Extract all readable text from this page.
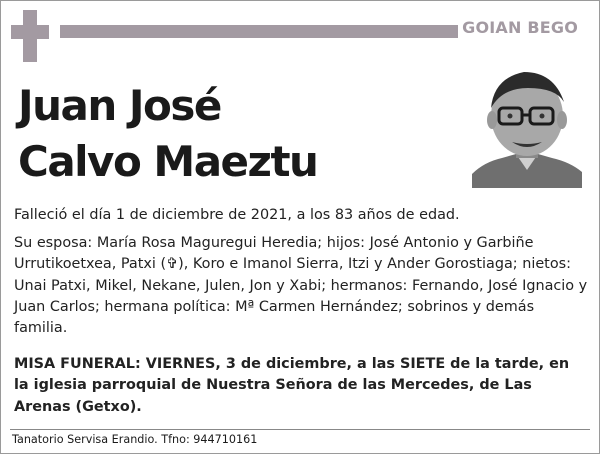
GOIAN BEGO
Juan José
Calvo Maeztu
Falleció el día 1 de diciembre de 2021, a los 83 años de edad.
Su esposa: María Rosa Maguregui Heredia; hijos: José Antonio y Garbiñe Urrutikoetxea, Patxi (✞), Koro e Imanol Sierra, Itzi y Ander Gorostiaga; nietos: Unai Patxi, Mikel, Nekane, Julen, Jon y Xabi; hermanos: Fernando, José Ignacio y Juan Carlos; hermana política: Mª Carmen Hernández; sobrinos y demás familia.
MISA FUNERAL: VIERNES, 3 de diciembre, a las SIETE de la tarde, en la iglesia parroquial de Nuestra Señora de las Mercedes, de Las Arenas (Getxo).
Tanatorio Servisa Erandio. Tfno: 944710161
